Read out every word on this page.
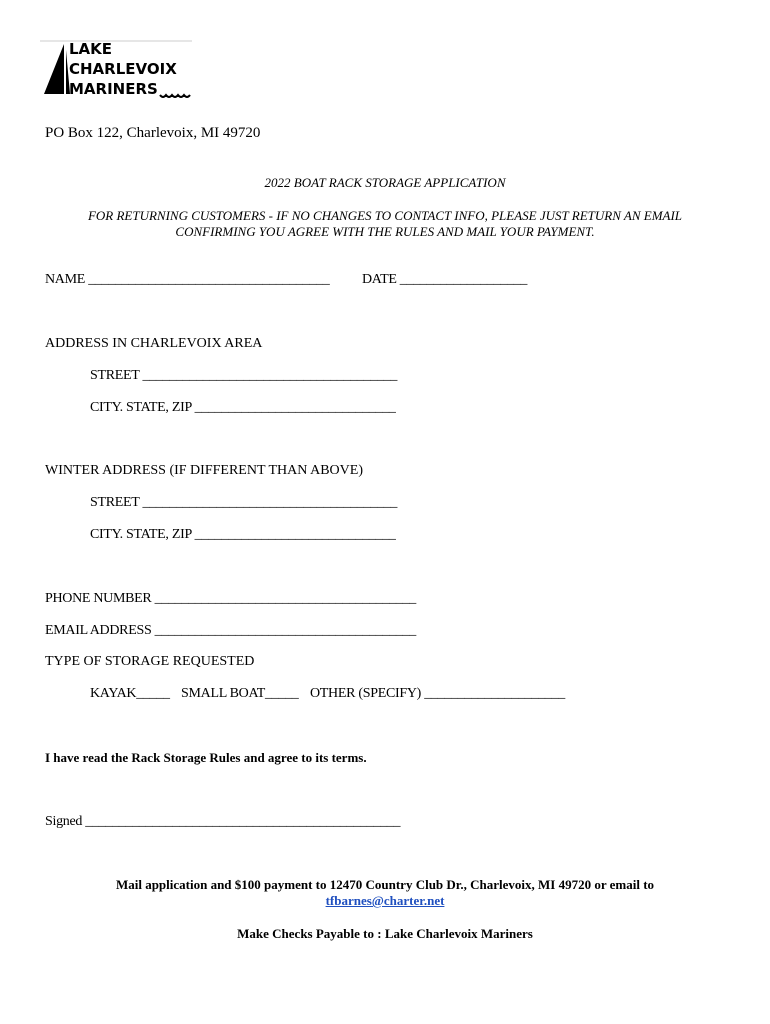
LAKE
CHARLEVOIX
MARINERS
PO Box 122, Charlevoix, MI 49720
2022 BOAT RACK STORAGE APPLICATION
FOR RETURNING CUSTOMERS - IF NO CHANGES TO CONTACT INFO, PLEASE JUST RETURN AN EMAIL
CONFIRMING YOU AGREE WITH THE RULES AND MAIL YOUR PAYMENT.
NAME ____________________________________ DATE ___________________
ADDRESS IN CHARLEVOIX AREA
STREET ______________________________________
CITY. STATE, ZIP ______________________________
WINTER ADDRESS (IF DIFFERENT THAN ABOVE)
STREET ______________________________________
CITY. STATE, ZIP ______________________________
PHONE NUMBER _______________________________________
EMAIL ADDRESS _______________________________________
TYPE OF STORAGE REQUESTED
KAYAK_____ SMALL BOAT_____ OTHER (SPECIFY) _____________________
I have read the Rack Storage Rules and agree to its terms.
Signed _______________________________________________
Mail application and $100 payment to 12470 Country Club Dr., Charlevoix, MI 49720 or email to
tfbarnes@charter.net
Make Checks Payable to : Lake Charlevoix Mariners
